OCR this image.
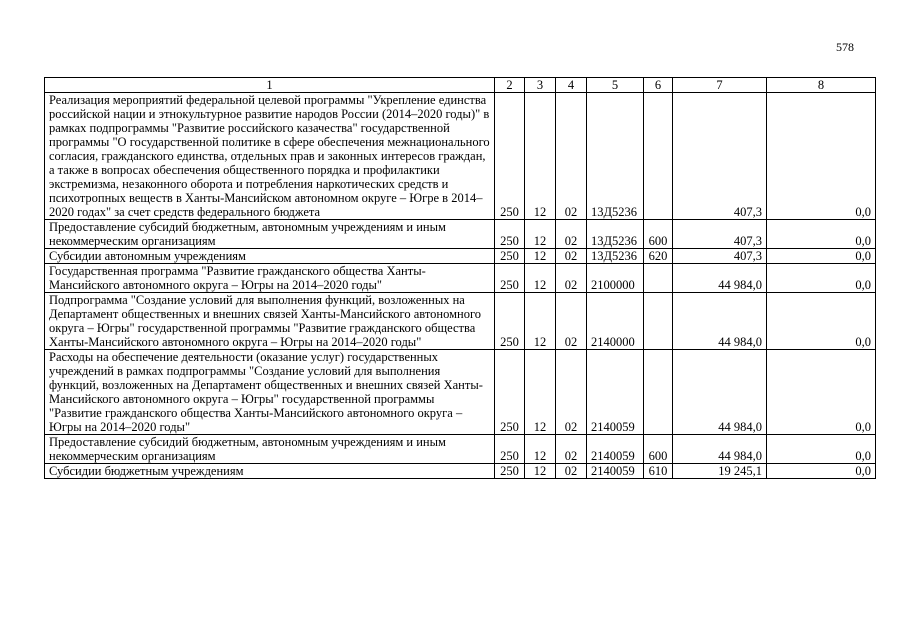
578
1	2	3	4	5	6	7	8
Реализация мероприятий федеральной целевой программы "Укрепление единства российской нации и этнокультурное развитие народов России (2014–2020 годы)" в рамках подпрограммы "Развитие российского казачества" государственной программы "О государственной политике в сфере обеспечения межнационального согласия, гражданского единства, отдельных прав и законных интересов граждан, а также в вопросах обеспечения общественного порядка и профилактики экстремизма, незаконного оборота и потребления наркотических средств и психотропных веществ в Ханты-Мансийском автономном округе – Югре в 2014–2020 годах" за счет средств федерального бюджета	250	12	02	13Д5236		407,3	0,0
Предоставление субсидий бюджетным, автономным учреждениям и иным некоммерческим организациям	250	12	02	13Д5236	600	407,3	0,0
Субсидии автономным учреждениям	250	12	02	13Д5236	620	407,3	0,0
Государственная программа "Развитие гражданского общества Ханты-Мансийского автономного округа – Югры на 2014–2020 годы"	250	12	02	2100000		44 984,0	0,0
Подпрограмма "Создание условий для выполнения функций, возложенных на Департамент общественных и внешних связей Ханты-Мансийского автономного округа – Югры" государственной программы "Развитие гражданского общества Ханты-Мансийского автономного округа – Югры на 2014–2020 годы"	250	12	02	2140000		44 984,0	0,0
Расходы на обеспечение деятельности (оказание услуг) государственных учреждений в рамках подпрограммы "Создание условий для выполнения функций, возложенных на Департамент общественных и внешних связей Ханты-Мансийского автономного округа – Югры" государственной программы "Развитие гражданского общества Ханты-Мансийского автономного округа – Югры на 2014–2020 годы"	250	12	02	2140059		44 984,0	0,0
Предоставление субсидий бюджетным, автономным учреждениям и иным некоммерческим организациям	250	12	02	2140059	600	44 984,0	0,0
Субсидии бюджетным учреждениям	250	12	02	2140059	610	19 245,1	0,0
